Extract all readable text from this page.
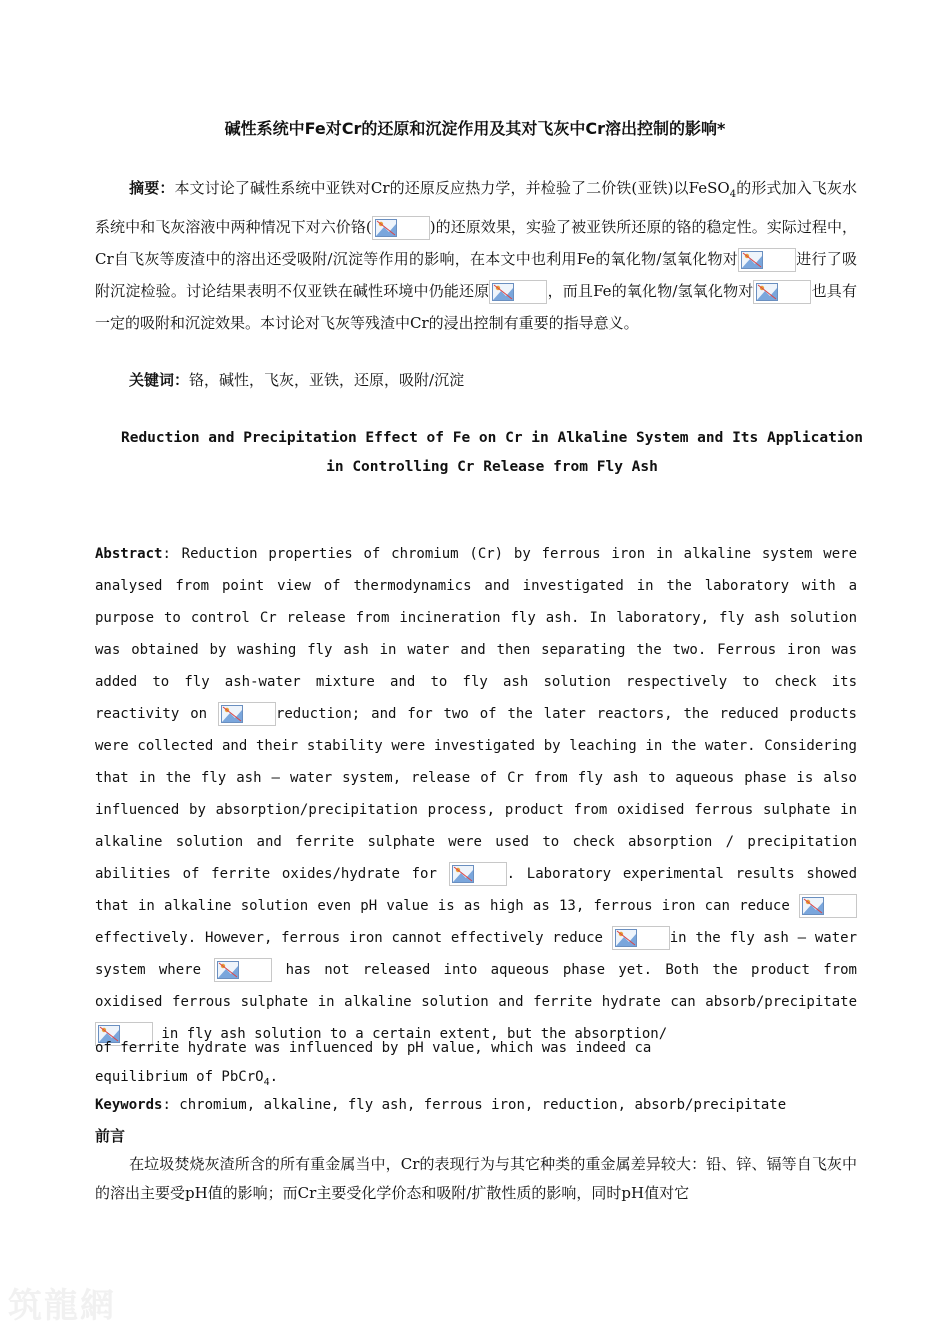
碱性系统中Fe对Cr的还原和沉淀作用及其对飞灰中Cr溶出控制的影响*
摘要：本文讨论了碱性系统中亚铁对Cr的还原反应热力学，并检验了二价铁(亚铁)以FeSO$_4$的形式加入飞灰水系统中和飞灰溶液中两种情况下对六价铬(	)的还原效果，实验了被亚铁所还原的铬的稳定性。实际过程中，Cr自飞灰等废渣中的溶出还受吸附/沉淀等作用的影响，在本文中也利用Fe的氧化物/氢氧化物对	进行了吸附沉淀检验。讨论结果表明不仅亚铁在碱性环境中仍能还原	，而且Fe的氧化物/氢氧化物对	也具有一定的吸附和沉淀效果。本讨论对飞灰等残渣中Cr的浸出控制有重要的指导意义。
关键词：铬，碱性，飞灰，亚铁，还原，吸附/沉淀
Reduction and Precipitation Effect of Fe on Cr in Alkaline System and Its Application
in Controlling Cr Release from Fly Ash
Abstract: Reduction properties of chromium (Cr) by ferrous iron in alkaline system were analysed from point view of thermodynamics and investigated in the laboratory with a purpose to control Cr release from incineration fly ash. In laboratory, fly ash solution was obtained by washing fly ash in water and then separating the two. Ferrous iron was added to fly ash-water mixture and to fly ash solution respectively to check its reactivity on	reduction; and for two of the later reactors, the reduced products were collected and their stability were investigated by leaching in the water. Considering that in the fly ash – water system, release of Cr from fly ash to aqueous phase is also influenced by absorption/precipitation process, product from oxidised ferrous sulphate in alkaline solution and ferrite sulphate were used to check absorption / precipitation abilities of ferrite oxides/hydrate for	. Laboratory experimental results showed that in alkaline solution even pH value is as high as 13, ferrous iron can reduce
effectively. However, ferrous iron cannot effectively reduce	in the fly ash – water system where	has not released into aqueous phase yet. Both the product from oxidised ferrous sulphate in alkaline solution and ferrite hydrate can absorb/precipitate
in fly ash solution to a certain extent, but the absorption/
of ferrite hydrate was influenced by pH value, which was indeed ca
equilibrium of PbCrO$_4$.
Keywords: chromium, alkaline, fly ash, ferrous iron, reduction, absorb/precipitate
前言
在垃圾焚烧灰渣所含的所有重金属当中，Cr的表现行为与其它种类的重金属差异较大：铅、锌、镉等自飞灰中的溶出主要受pH值的影响；而Cr主要受化学价态和吸附/扩散性质的影响，同时pH值对它
筑龍網
